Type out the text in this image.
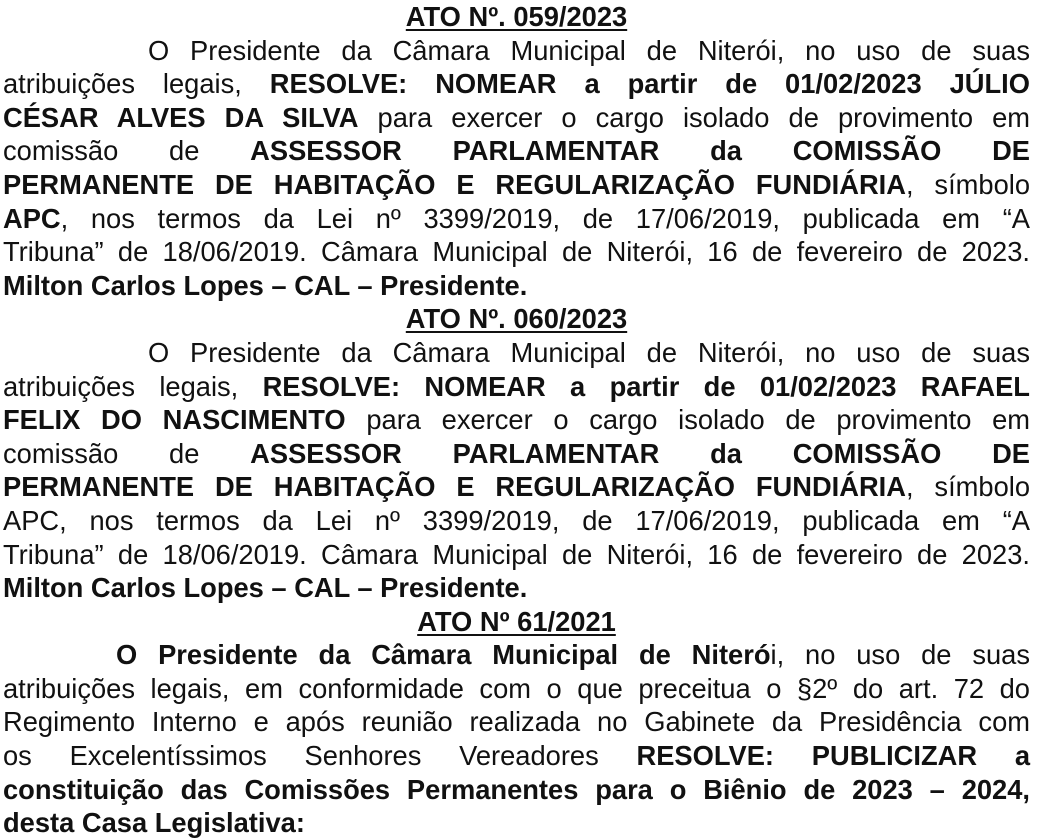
ATO Nº. 059/2023
O Presidente da Câmara Municipal de Niterói, no uso de suas
atribuições legais, RESOLVE: NOMEAR a partir de 01/02/2023 JÚLIO
CÉSAR ALVES DA SILVA para exercer o cargo isolado de provimento em
comissão de ASSESSOR PARLAMENTAR da COMISSÃO DE
PERMANENTE DE HABITAÇÃO E REGULARIZAÇÃO FUNDIÁRIA, símbolo
APC, nos termos da Lei nº 3399/2019, de 17/06/2019, publicada em “A
Tribuna” de 18/06/2019. Câmara Municipal de Niterói, 16 de fevereiro de 2023.
Milton Carlos Lopes – CAL – Presidente.
ATO Nº. 060/2023
O Presidente da Câmara Municipal de Niterói, no uso de suas
atribuições legais, RESOLVE: NOMEAR a partir de 01/02/2023 RAFAEL
FELIX DO NASCIMENTO para exercer o cargo isolado de provimento em
comissão de ASSESSOR PARLAMENTAR da COMISSÃO DE
PERMANENTE DE HABITAÇÃO E REGULARIZAÇÃO FUNDIÁRIA, símbolo
APC, nos termos da Lei nº 3399/2019, de 17/06/2019, publicada em “A
Tribuna” de 18/06/2019. Câmara Municipal de Niterói, 16 de fevereiro de 2023.
Milton Carlos Lopes – CAL – Presidente.
ATO Nº 61/2021
O Presidente da Câmara Municipal de Niterói, no uso de suas
atribuições legais, em conformidade com o que preceitua o §2º do art. 72 do
Regimento Interno e após reunião realizada no Gabinete da Presidência com
os Excelentíssimos Senhores Vereadores RESOLVE: PUBLICIZAR a
constituição das Comissões Permanentes para o Biênio de 2023 – 2024,
desta Casa Legislativa:
